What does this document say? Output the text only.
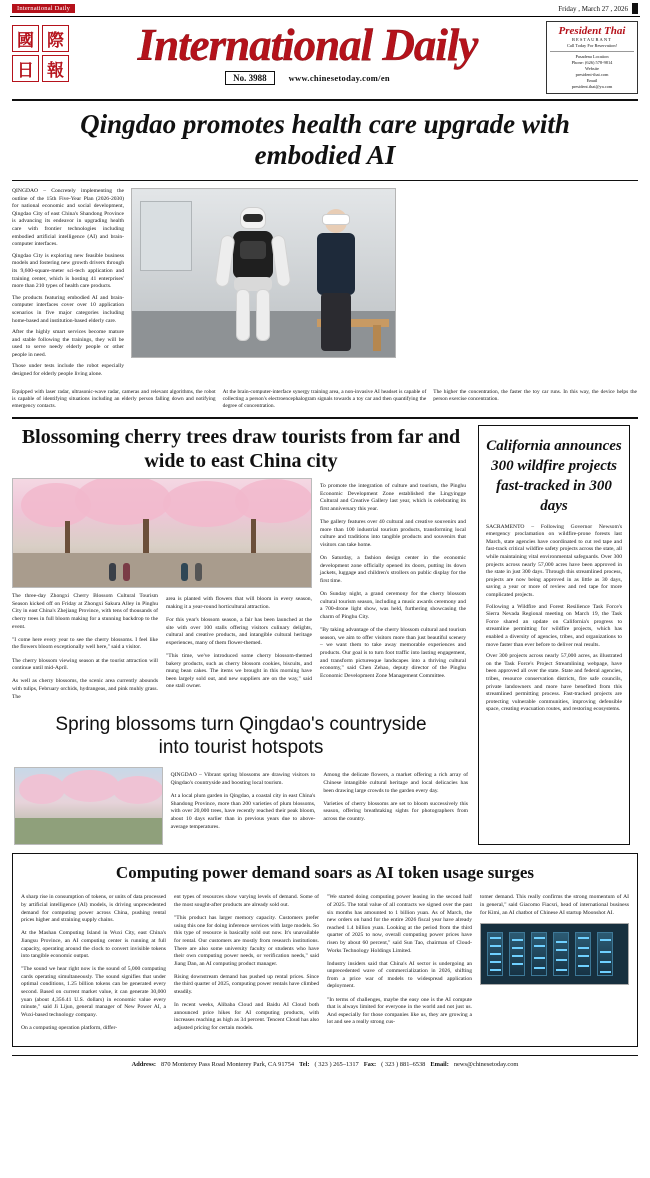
International Daily	Friday , March 27 , 2026
國 際
日 報
International Daily
No. 3988	www.chinesetoday.com/en
President Thai
RESTAURANT
Call Today For Reservation!
Pasadena Location
Phone: (626) 578-9814
Website
president-thai.com
Email
president.thai@ya.com
Qingdao promotes health care upgrade with embodied AI

QINGDAO – Concretely implementing the outline of the 15th Five-Year Plan (2026-2030) for national economic and social development, Qingdao City of east China's Shandong Province is advancing its endeavor in upgrading health care with frontier technologies including embodied artificial intelligence (AI) and brain-computer interfaces.

Qingdao City is exploring new feasible business models and fostering new growth drivers through its 9,600-square-meter sci-tech application and training center, which is hosting 41 enterprises' more than 210 types of health care products.

The products featuring embodied AI and brain-computer interfaces cover over 10 application scenarios in five major categories including home-based and institution-based elderly care.

After the highly smart services become mature and stable following the trainings, they will be used to serve needy elderly people or other people in need.

Those under tests include the robot especially designed for elderly people living alone.

Equipped with laser radar, ultrasonic-wave radar, cameras and relevant algorithms, the robot is capable of identifying situations including an elderly person falling down and notifying emergency contacts.
At the brain-computer-interface synergy training area, a non-invasive AI headset is capable of collecting a person's electroencephalogram signals towards a toy car and then quantifying the degree of concentration.
The higher the concentration, the faster the toy car runs. In this way, the device helps the person exercise concentration.
Blossoming cherry trees draw tourists from far and wide to east China city

The three-day Zhongxi Cherry Blossom Cultural Tourism Season kicked off on Friday at Zhongxi Sakura Alley in Pinghu City in east China's Zhejiang Province, with tens of thousands of cherry trees in full bloom making for a stunning backdrop to the event.

"I come here every year to see the cherry blossoms. I feel like the flowers bloom exceptionally well here," said a visitor.

The cherry blossom viewing season at the tourist attraction will continue until mid-April.

As well as cherry blossoms, the scenic area currently abounds with tulips, February orchids, hydrangeas, and pink muhly grass. The

area is planted with flowers that will bloom in every season, making it a year-round horticultural attraction.

For this year's blossom season, a fair has been launched at the site with over 100 stalls offering visitors culinary delights, cultural and creative products, and intangible cultural heritage experiences, many of them flower-themed.

"This time, we've introduced some cherry blossom-themed bakery products, such as cherry blossom cookies, biscuits, and mung bean cakes. The items we brought in this morning have been largely sold out, and new suppliers are on the way," said one stall owner.

To promote the integration of culture and tourism, the Pinghu Economic Development Zone established the Lingyingge Cultural and Creative Gallery last year, which is celebrating its first anniversary this year.

The gallery features over 40 cultural and creative souvenirs and more than 100 industrial tourism products, transforming local culture and traditions into tangible products and souvenirs that visitors can take home.

On Saturday, a fashion design center in the economic development zone officially opened its doors, putting its down jackets, luggage and children's strollers on public display for the first time.

On Sunday night, a grand ceremony for the cherry blossom cultural tourism season, including a music awards ceremony and a 700-drone light show, was held, furthering showcasing the charm of Pinghu City.

"By taking advantage of the cherry blossom cultural and tourism season, we aim to offer visitors more than just beautiful scenery – we want them to take away memorable experiences and products. Our goal is to turn foot traffic into lasting engagement, and transform picturesque landscapes into a thriving cultural economy," said Chen Zehao, deputy director of the Pinghu Economic Development Zone Management Committee.

Spring blossoms turn Qingdao's countryside into tourist hotspots

QINGDAO – Vibrant spring blossoms are drawing visitors to Qingdao's countryside and boosting local tourism.

At a local plum garden in Qingdao, a coastal city in east China's Shandong Province, more than 200 varieties of plum blossoms, with over 20,000 trees, have recently reached their peak bloom, about 10 days earlier than in previous years due to above-average temperatures.

Among the delicate flowers, a market offering a rich array of Chinese intangible cultural heritage and local delicacies has been drawing large crowds to the garden every day.

Varieties of cherry blossoms are set to bloom successively this season, offering breathtaking sights for photographers from across the country.

California announces 300 wildfire projects fast-tracked in 300 days

SACRAMENTO – Following Governor Newsom's emergency proclamation on wildfire-prone forests last March, state agencies have coordinated to cut red tape and fast-track critical wildfire safety projects across the state, all while maintaining vital environmental safeguards. Over 300 projects across nearly 57,000 acres have been approved in the state in just 300 days. Through this streamlined process, projects are now being approved in as little as 30 days, saving a year or more of review and red tape for more complicated projects.

Following a Wildfire and Forest Resilience Task Force's Sierra Nevada Regional meeting on March 19, the Task Force shared an update on California's progress to streamline permitting for wildfire projects, which has enabled a diversity of agencies, tribes, and organizations to move faster than ever before to deliver real results.

Over 300 projects across nearly 57,000 acres, as illustrated on the Task Force's Project Streamlining webpage, have been approved all over the state. State and federal agencies, tribes, resource conservation districts, fire safe councils, private landowners and more have benefited from this streamlined permitting process. Fast-tracked projects are protecting vulnerable communities, improving defensible space, creating evacuation routes, and restoring ecosystems.

Computing power demand soars as AI token usage surges

A sharp rise in consumption of tokens, or units of data processed by artificial intelligence (AI) models, is driving unprecedented demand for computing power across China, pushing rental prices higher and straining supply chains.

At the Mashan Computing Island in Wuxi City, east China's Jiangsu Province, an AI computing center is running at full capacity, operating around the clock to convert invisible tokens into tangible economic output.

"The sound we hear right now is the sound of 5,000 computing cards operating simultaneously. The sound signifies that under optimal conditions, 1.25 billion tokens can be generated every second. Based on current market value, it can generate 30,000 yuan (about 4,356.41 U.S. dollars) in economic value every minute," said Ji Lijun, general manager of New Power AI, a Wuxi-based technology company.

On a computing operation platform, differ-

ent types of resources show varying levels of demand. Some of the most sought-after products are already sold out.

"This product has larger memory capacity. Customers prefer using this one for doing inference services with large models. So this type of resource is basically sold out now. It's unavailable for rental. Our customers are mostly from research institutions. There are also some university faculty or students who have their own computing power needs, or verification needs," said Jiang Dan, an AI computing product manager.

Rising downstream demand has pushed up rental prices. Since the third quarter of 2025, computing power rentals have climbed steadily.

In recent weeks, Alibaba Cloud and Baidu AI Cloud both announced price hikes for AI computing products, with increases reaching as high as 34 percent. Tencent Cloud has also adjusted pricing for certain models.

"We started doing computing power leasing in the second half of 2025. The total value of all contracts we signed over the past six months has amounted to 1 billion yuan. As of March, the new orders on hand for the entire 2026 fiscal year have already reached 1.4 billion yuan. Looking at the period from the third quarter of 2025 to now, overall computing power prices have risen by about 60 percent," said Sun Tao, chairman of Cloud-Works Technology Holdings Limited.

Industry insiders said that China's AI sector is undergoing an unprecedented wave of commercialization in 2026, shifting from a price war of models to widespread application deployment.

"In terms of challenges, maybe the easy one is the AI compute that is always limited for everyone in the world and not just us. And especially for those companies like us, they are growing a lot and see a really strong cus-

tomer demand. This really confirms the strong momentum of AI in general," said Giacomo Fiacsri, head of international business for Kimi, an AI chatbot of Chinese AI startup Moonshot AI.

Address: 870 Monterey Pass Road Monterey Park, CA 91754 Tel: ( 323 ) 265–1317 Fax: ( 323 ) 881–6538 Email: news@chinesetoday.com
